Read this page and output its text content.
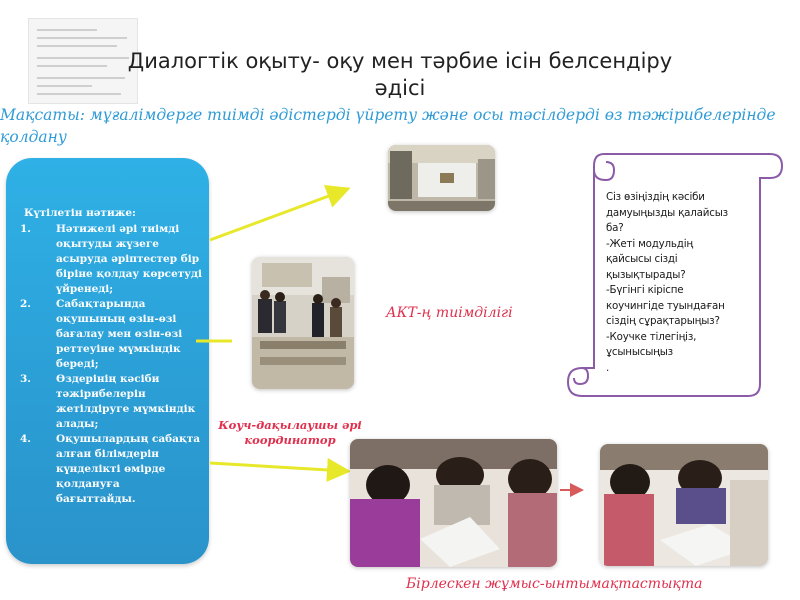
Диалогтік оқыту- оқу мен тәрбие ісін белсендіру
әдісі
Мақсаты: мұғалімдерге тиімді әдістерді үйрету және осы тәсілдерді өз тәжірибелерінде
қолдану
Күтілетін нәтиже:
1. Нәтижелі әрі тиімді оқытуды жүзеге асыруда әріптестер бір біріне қолдау көрсетуді үйренеді;
2. Сабақтарында оқушының өзін-өзі бағалау мен өзін-өзі реттеуіне мүмкіндік береді;
3. Өздерінің кәсіби тәжірибелерін жетілдіруге мүмкіндік алады;
4. Оқушылардың сабақта алған білімдерін күнделікті өмірде қолдануға бағыттайды.
АКТ-ң тиімділігі
Коуч-дақылаушы әрі
координатор
Бірлескен жұмыс-ынтымақтастықта
Сіз өзіңіздің кәсіби
дамуыңызды қалайсыз
ба?
-Жеті модульдің
қайсысы сізді
қызықтырады?
-Бүгінгі кіріспе
коучингіде туындаған
сіздің сұрақтарыңыз?
-Коучке тілегіңіз,
ұсынысыңыз
.
